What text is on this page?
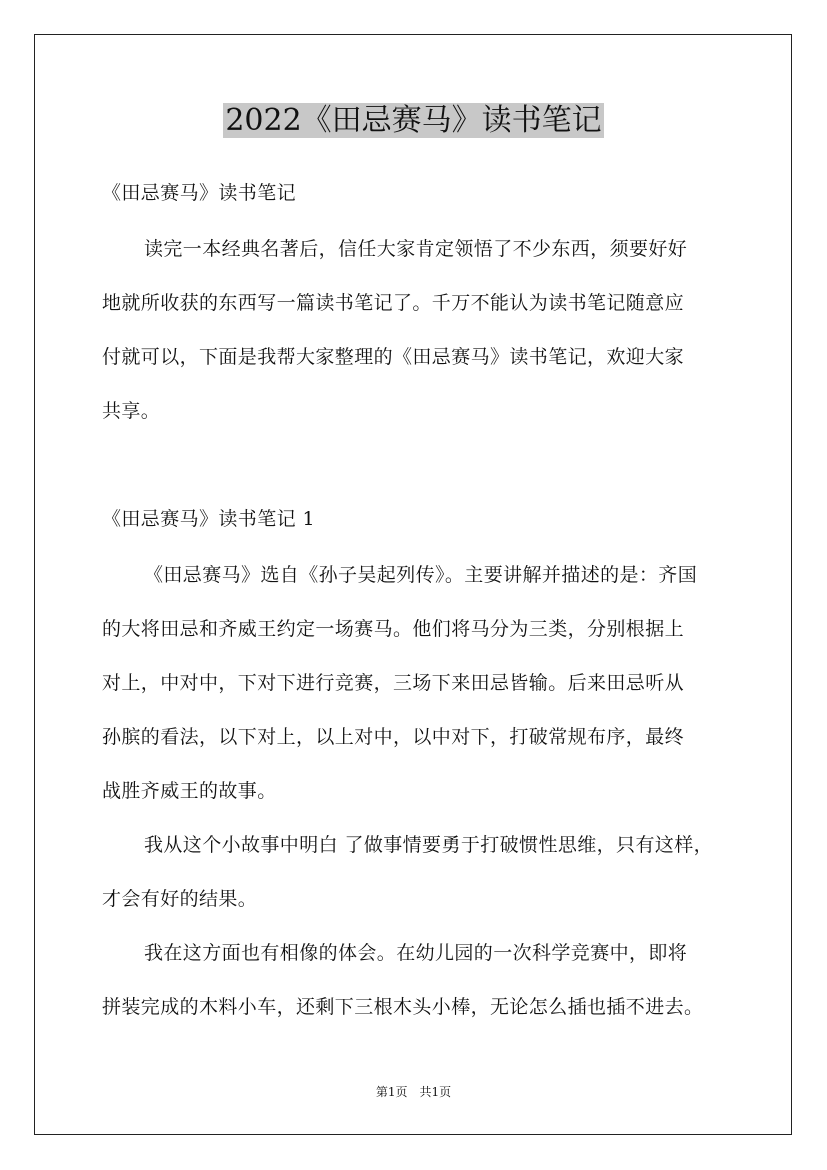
2022《田忌赛马》读书笔记
《田忌赛马》读书笔记
读完一本经典名著后，信任大家肯定领悟了不少东西，须要好好
地就所收获的东西写一篇读书笔记了。千万不能认为读书笔记随意应
付就可以，下面是我帮大家整理的《田忌赛马》读书笔记，欢迎大家
共享。
《田忌赛马》读书笔记 1
《田忌赛马》选自《孙子吴起列传》。主要讲解并描述的是：齐国
的大将田忌和齐威王约定一场赛马。他们将马分为三类，分别根据上
对上，中对中，下对下进行竞赛，三场下来田忌皆输。后来田忌听从
孙膑的看法，以下对上，以上对中，以中对下，打破常规布序，最终
战胜齐威王的故事。
我从这个小故事中明白 了做事情要勇于打破惯性思维，只有这样，
才会有好的结果。
我在这方面也有相像的体会。在幼儿园的一次科学竞赛中，即将
拼装完成的木料小车，还剩下三根木头小棒，无论怎么插也插不进去。
第1页　共1页
